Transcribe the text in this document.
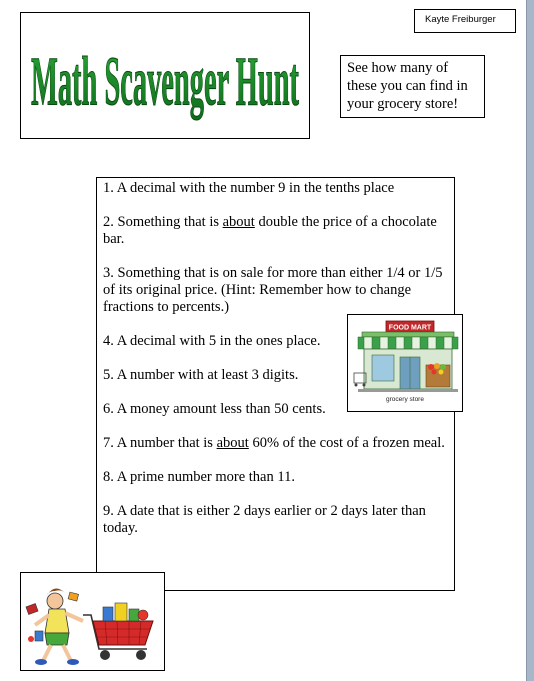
Kayte Freiburger
Math Scavenger Hunt	See how many of these you can find in your grocery store!

1. A decimal with the number 9 in the tenths place

2. Something that is about double the price of a chocolate bar.

3. Something that is on sale for more than either 1/4 or 1/5 of its original price. (Hint: Remember how to change fractions to percents.)

4. A decimal with 5 in the ones place.

5. A number with at least 3 digits.

6. A money amount less than 50 cents.

7. A number that is about 60% of the cost of a frozen meal.

8. A prime number more than 11.

9. A date that is either 2 days earlier or 2 days later than today.

FOOD MART
grocery store
